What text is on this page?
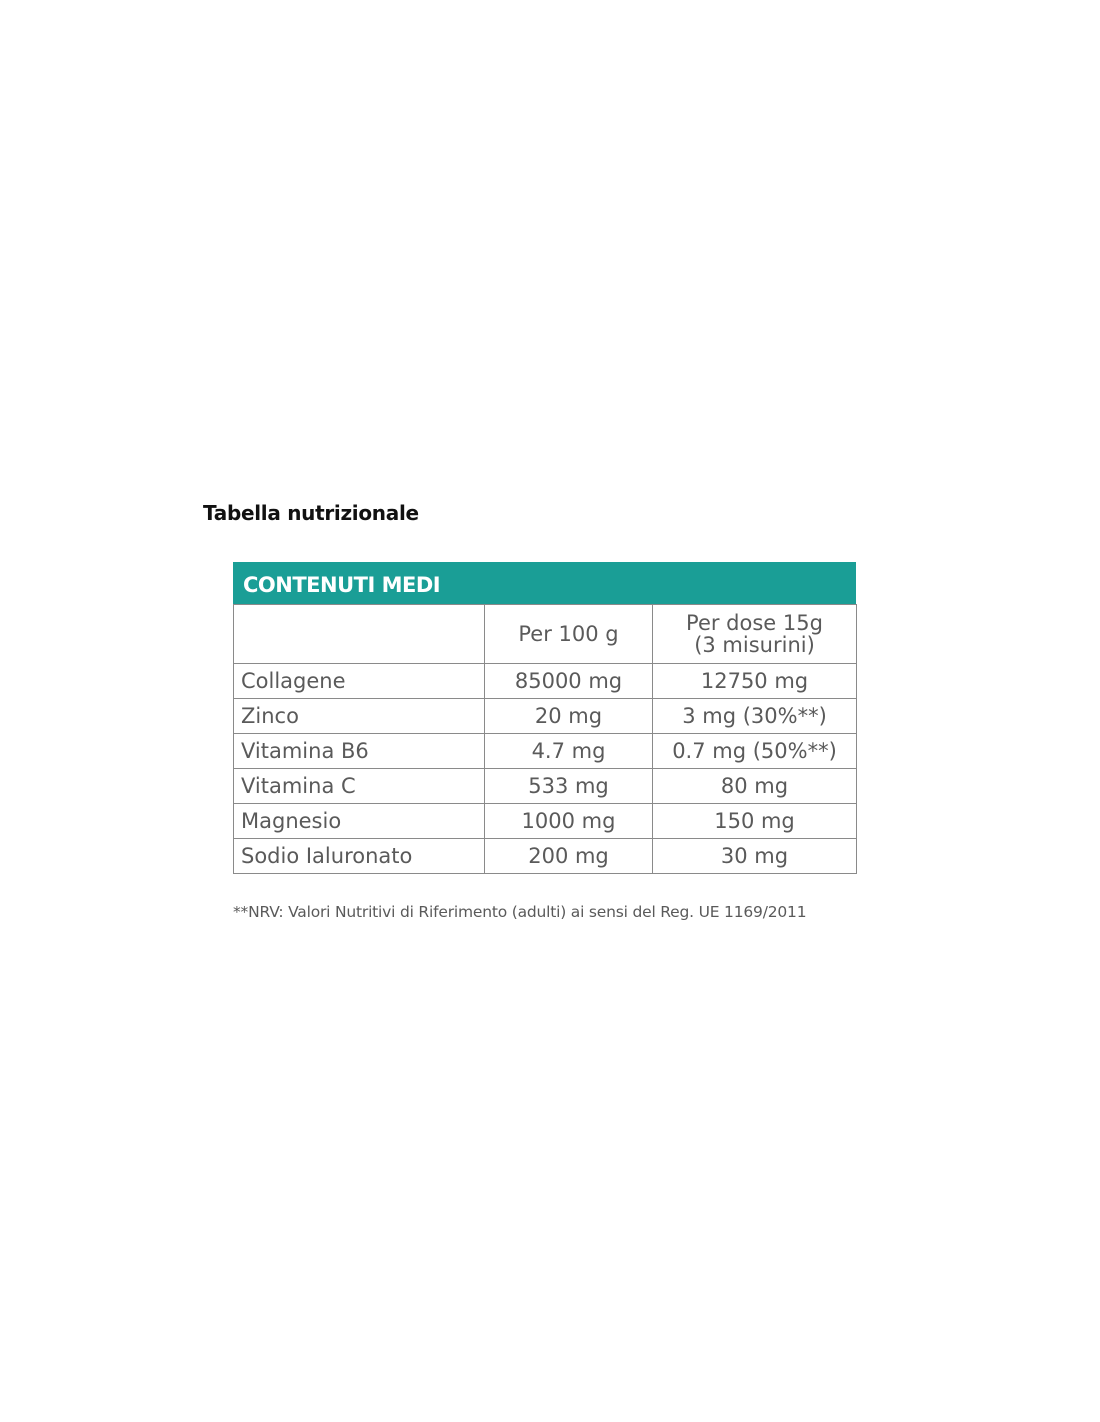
Tabella nutrizionale
CONTENUTI MEDI
	Per 100 g	Per dose 15g
(3 misurini)
Collagene	85000 mg	12750 mg
Zinco	20 mg	3 mg (30%**)
Vitamina B6	4.7 mg	0.7 mg (50%**)
Vitamina C	533 mg	80 mg
Magnesio	1000 mg	150 mg
Sodio Ialuronato	200 mg	30 mg
**NRV: Valori Nutritivi di Riferimento (adulti) ai sensi del Reg. UE 1169/2011
